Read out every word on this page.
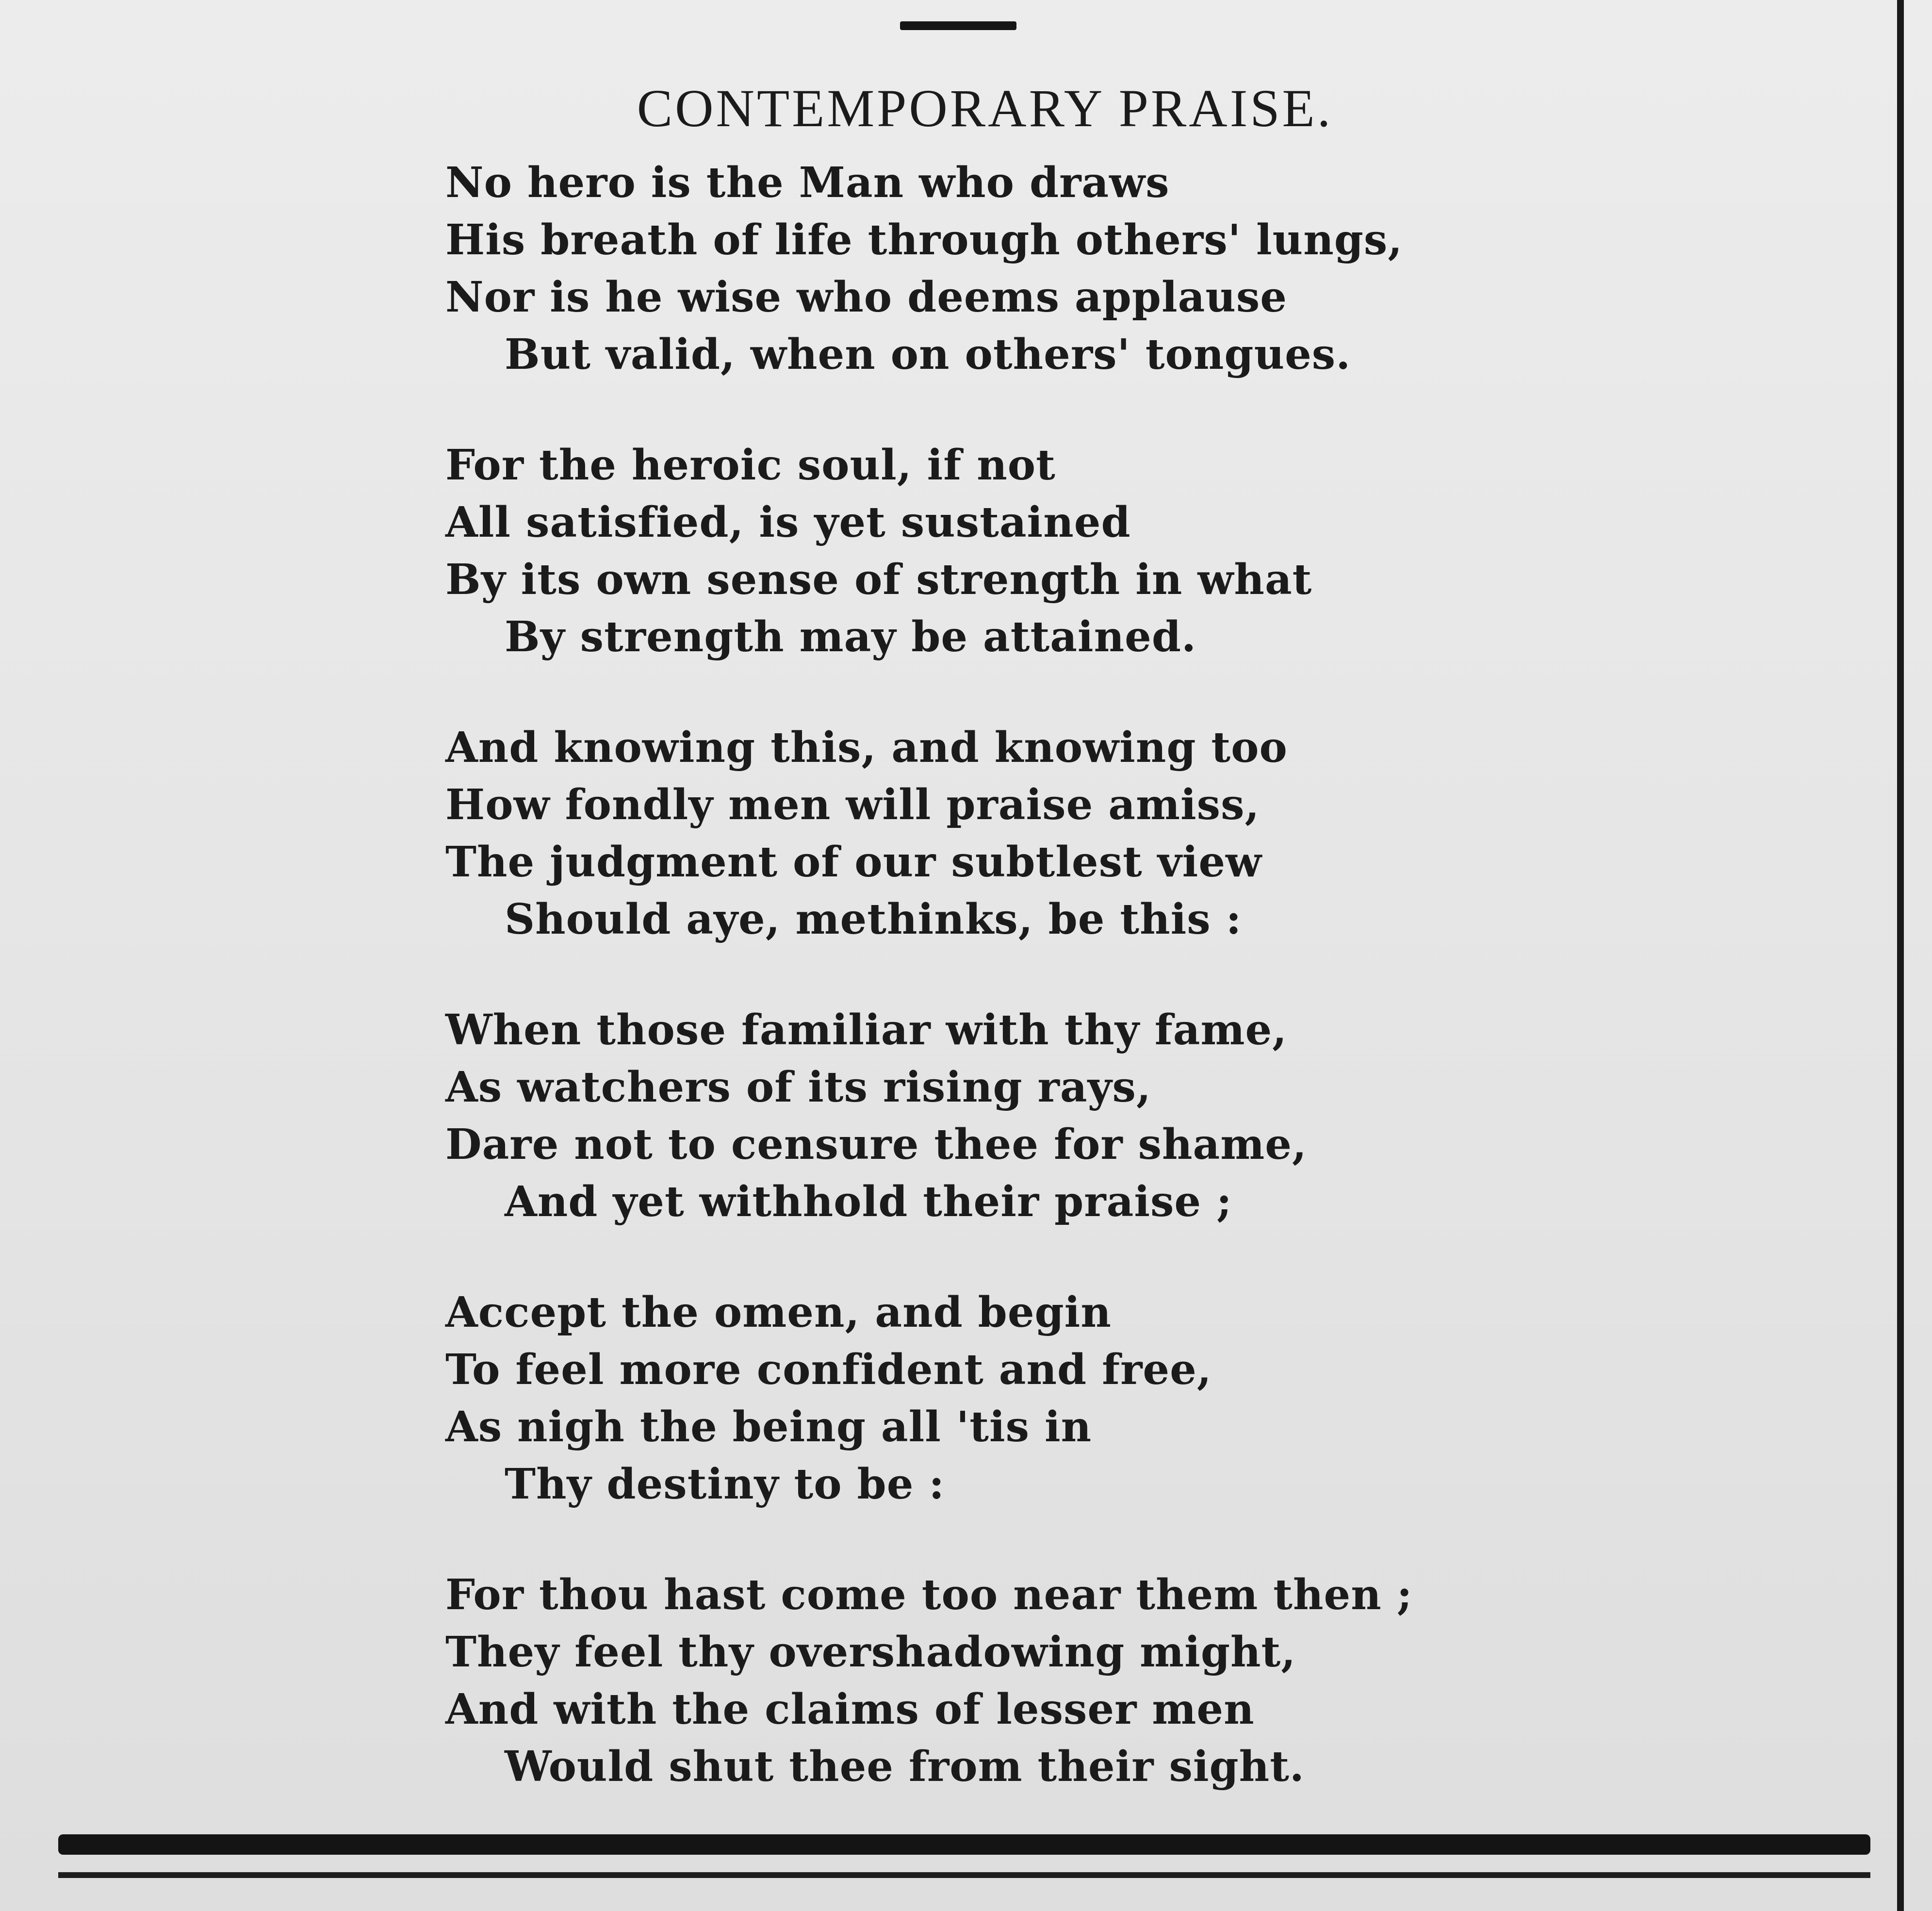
CONTEMPORARY PRAISE.
No hero is the Man who draws
His breath of life through others' lungs,
Nor is he wise who deems applause
But valid, when on others' tongues.
For the heroic soul, if not
All satisfied, is yet sustained
By its own sense of strength in what
By strength may be attained.
And knowing this, and knowing too
How fondly men will praise amiss,
The judgment of our subtlest view
Should aye, methinks, be this :
When those familiar with thy fame,
As watchers of its rising rays,
Dare not to censure thee for shame,
And yet withhold their praise ;
Accept the omen, and begin
To feel more confident and free,
As nigh the being all 'tis in
Thy destiny to be :
For thou hast come too near them then ;
They feel thy overshadowing might,
And with the claims of lesser men
Would shut thee from their sight.
